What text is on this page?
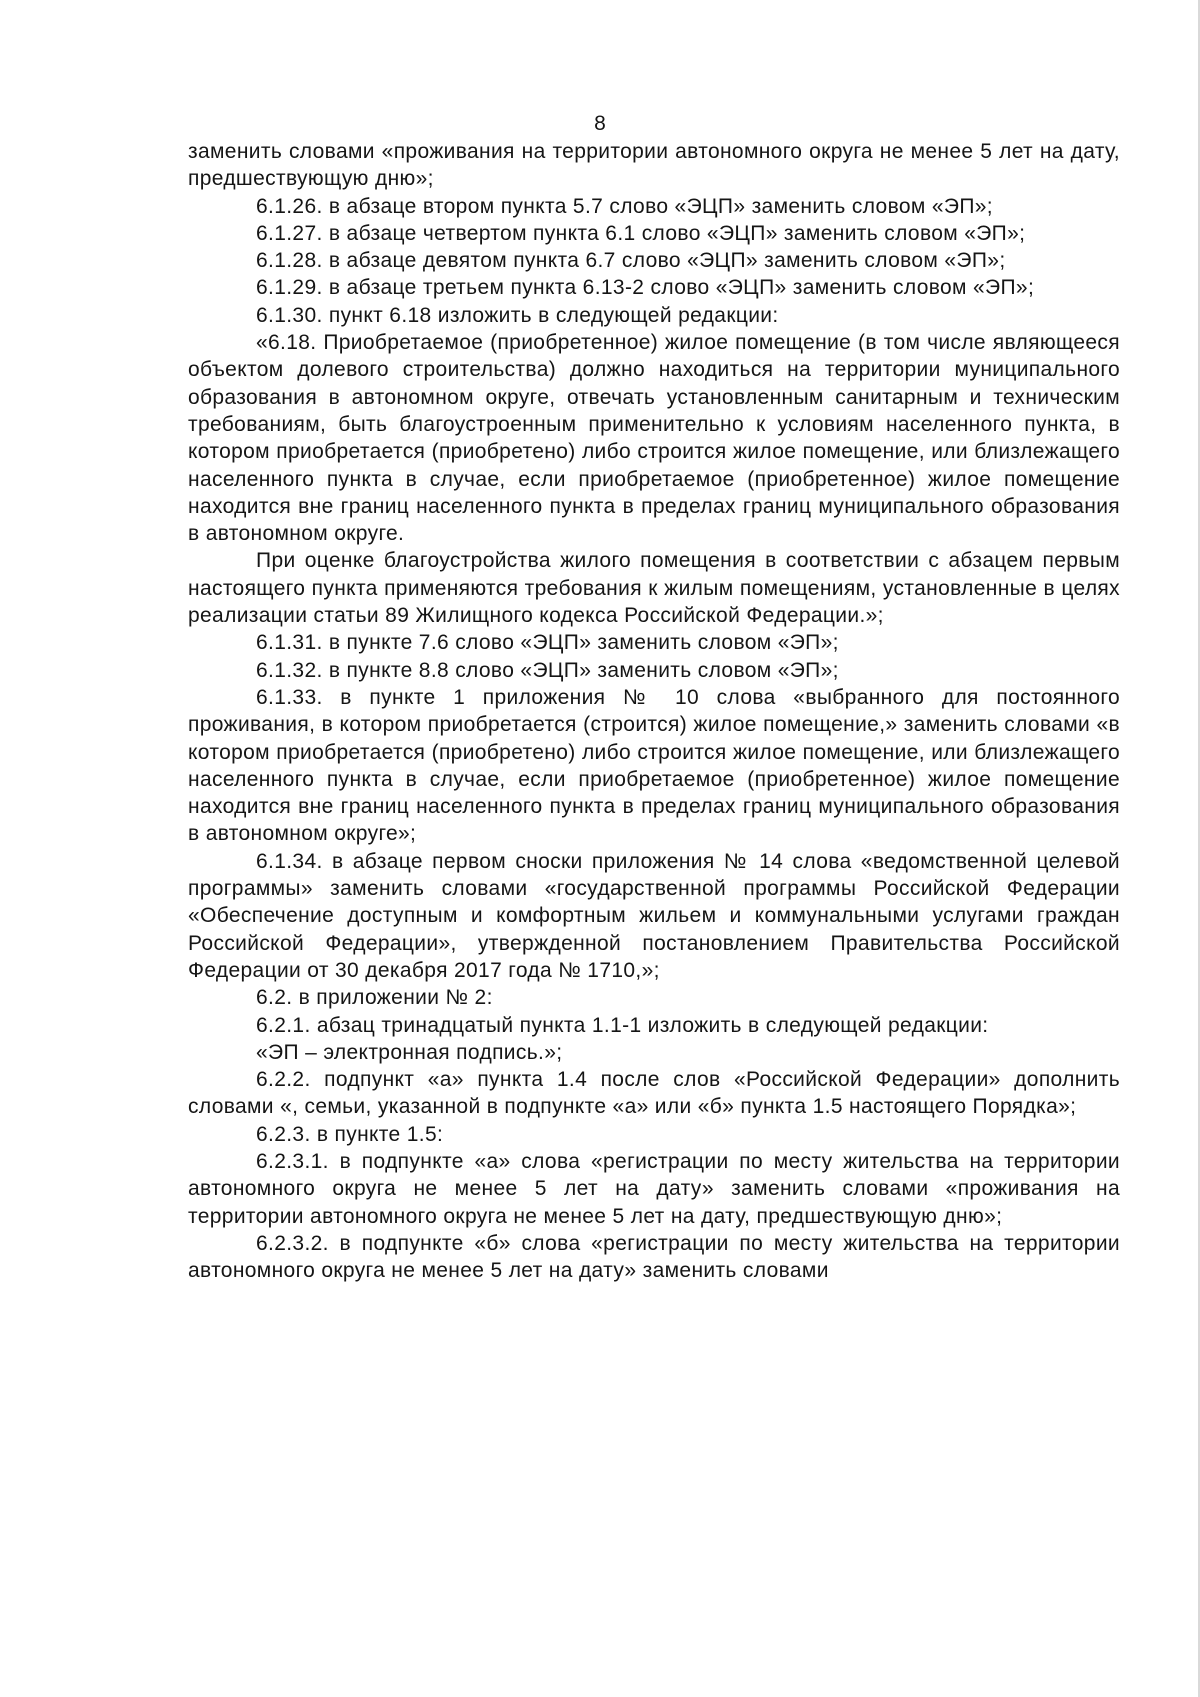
8

заменить словами «проживания на территории автономного округа не менее 5 лет на дату, предшествующую дню»;

6.1.26. в абзаце втором пункта 5.7 слово «ЭЦП» заменить словом «ЭП»;

6.1.27. в абзаце четвертом пункта 6.1 слово «ЭЦП» заменить словом «ЭП»;

6.1.28. в абзаце девятом пункта 6.7 слово «ЭЦП» заменить словом «ЭП»;

6.1.29. в абзаце третьем пункта 6.13-2 слово «ЭЦП» заменить словом «ЭП»;

6.1.30. пункт 6.18 изложить в следующей редакции:

«6.18. Приобретаемое (приобретенное) жилое помещение (в том числе являющееся объектом долевого строительства) должно находиться на территории муниципального образования в автономном округе, отвечать установленным санитарным и техническим требованиям, быть благоустроенным применительно к условиям населенного пункта, в котором приобретается (приобретено) либо строится жилое помещение, или близлежащего населенного пункта в случае, если приобретаемое (приобретенное) жилое помещение находится вне границ населенного пункта в пределах границ муниципального образования в автономном округе.

При оценке благоустройства жилого помещения в соответствии с абзацем первым настоящего пункта применяются требования к жилым помещениям, установленные в целях реализации статьи 89 Жилищного кодекса Российской Федерации.»;

6.1.31. в пункте 7.6 слово «ЭЦП» заменить словом «ЭП»;

6.1.32. в пункте 8.8 слово «ЭЦП» заменить словом «ЭП»;

6.1.33. в пункте 1 приложения № 10 слова «выбранного для постоянного проживания, в котором приобретается (строится) жилое помещение,» заменить словами «в котором приобретается (приобретено) либо строится жилое помещение, или близлежащего населенного пункта в случае, если приобретаемое (приобретенное) жилое помещение находится вне границ населенного пункта в пределах границ муниципального образования в автономном округе»;

6.1.34. в абзаце первом сноски приложения № 14 слова «ведомственной целевой программы» заменить словами «государственной программы Российской Федерации «Обеспечение доступным и комфортным жильем и коммунальными услугами граждан Российской Федерации», утвержденной постановлением Правительства Российской Федерации от 30 декабря 2017 года № 1710,»;

6.2. в приложении № 2:

6.2.1. абзац тринадцатый пункта 1.1-1 изложить в следующей редакции:

«ЭП – электронная подпись.»;

6.2.2. подпункт «а» пункта 1.4 после слов «Российской Федерации» дополнить словами «, семьи, указанной в подпункте «а» или «б» пункта 1.5 настоящего Порядка»;

6.2.3. в пункте 1.5:

6.2.3.1. в подпункте «а» слова «регистрации по месту жительства на территории автономного округа не менее 5 лет на дату» заменить словами «проживания на территории автономного округа не менее 5 лет на дату, предшествующую дню»;

6.2.3.2. в подпункте «б» слова «регистрации по месту жительства на территории автономного округа не менее 5 лет на дату» заменить словами
